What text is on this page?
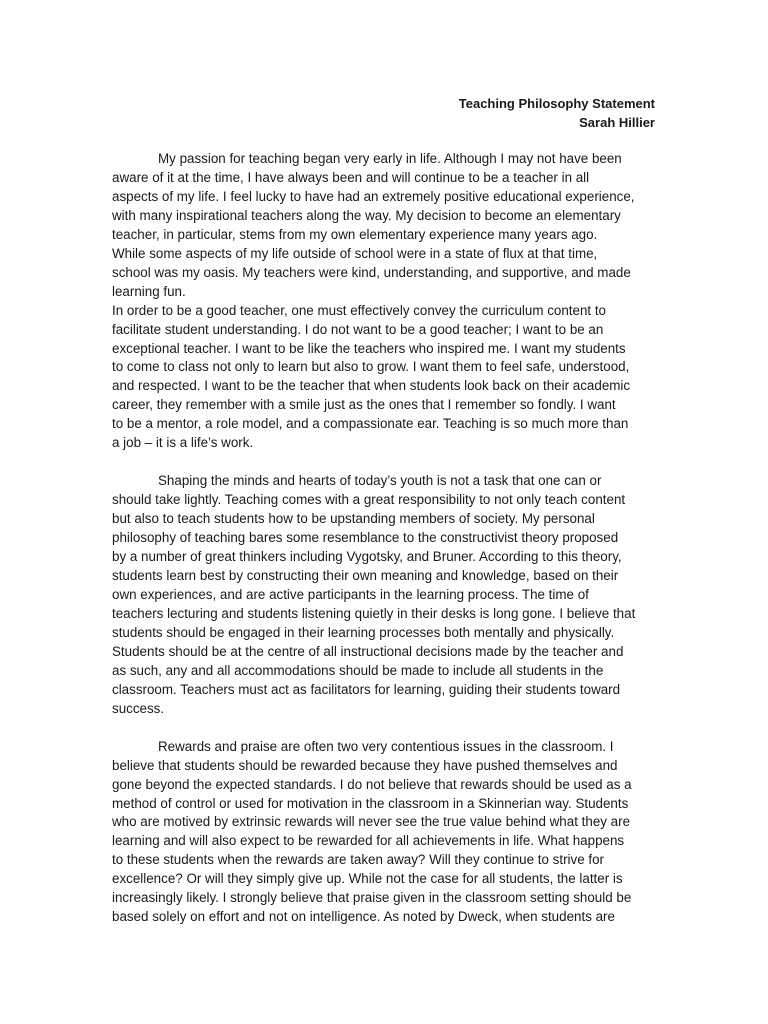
Teaching Philosophy Statement
Sarah Hillier
My passion for teaching began very early in life. Although I may not have been
aware of it at the time, I have always been and will continue to be a teacher in all
aspects of my life. I feel lucky to have had an extremely positive educational experience,
with many inspirational teachers along the way. My decision to become an elementary
teacher, in particular, stems from my own elementary experience many years ago.
While some aspects of my life outside of school were in a state of flux at that time,
school was my oasis. My teachers were kind, understanding, and supportive, and made
learning fun.
In order to be a good teacher, one must effectively convey the curriculum content to
facilitate student understanding. I do not want to be a good teacher; I want to be an
exceptional teacher. I want to be like the teachers who inspired me. I want my students
to come to class not only to learn but also to grow. I want them to feel safe, understood,
and respected. I want to be the teacher that when students look back on their academic
career, they remember with a smile just as the ones that I remember so fondly. I want
to be a mentor, a role model, and a compassionate ear. Teaching is so much more than
a job – it is a life’s work.
Shaping the minds and hearts of today’s youth is not a task that one can or
should take lightly. Teaching comes with a great responsibility to not only teach content
but also to teach students how to be upstanding members of society. My personal
philosophy of teaching bares some resemblance to the constructivist theory proposed
by a number of great thinkers including Vygotsky, and Bruner. According to this theory,
students learn best by constructing their own meaning and knowledge, based on their
own experiences, and are active participants in the learning process. The time of
teachers lecturing and students listening quietly in their desks is long gone. I believe that
students should be engaged in their learning processes both mentally and physically.
Students should be at the centre of all instructional decisions made by the teacher and
as such, any and all accommodations should be made to include all students in the
classroom. Teachers must act as facilitators for learning, guiding their students toward
success.
Rewards and praise are often two very contentious issues in the classroom. I
believe that students should be rewarded because they have pushed themselves and
gone beyond the expected standards. I do not believe that rewards should be used as a
method of control or used for motivation in the classroom in a Skinnerian way. Students
who are motived by extrinsic rewards will never see the true value behind what they are
learning and will also expect to be rewarded for all achievements in life. What happens
to these students when the rewards are taken away? Will they continue to strive for
excellence? Or will they simply give up. While not the case for all students, the latter is
increasingly likely. I strongly believe that praise given in the classroom setting should be
based solely on effort and not on intelligence. As noted by Dweck, when students are
